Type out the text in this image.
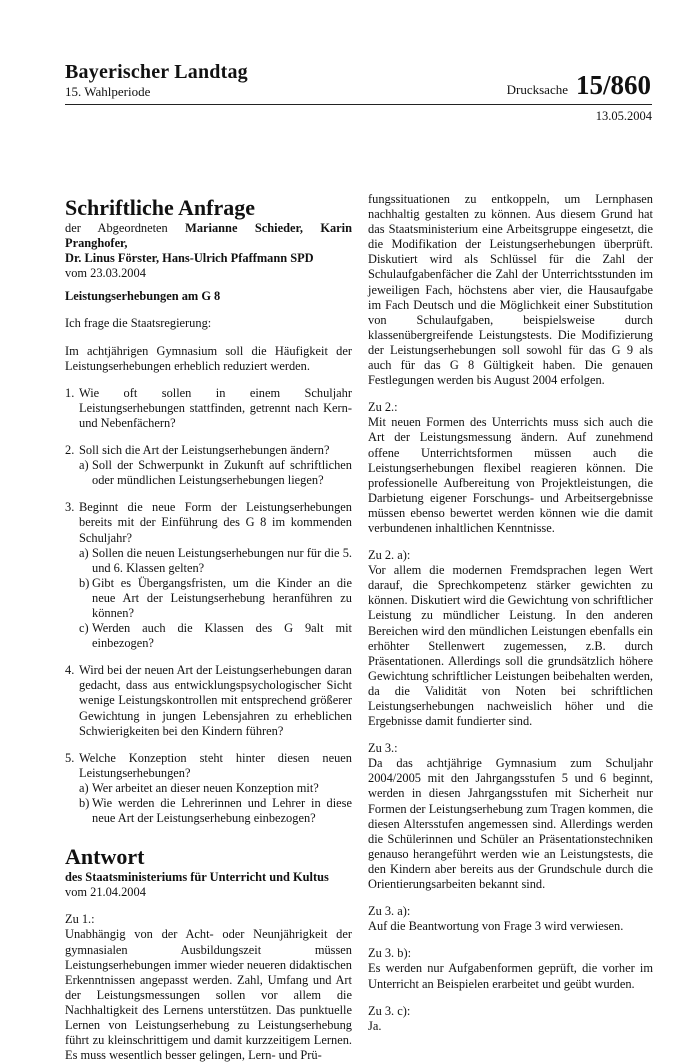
Bayerischer Landtag
15. Wahlperiode	Drucksache 15/860
13.05.2004
Schriftliche Anfrage

der Abgeordneten Marianne Schieder, Karin Pranghofer,
Dr. Linus Förster, Hans-Ulrich Pfaffmann SPD

vom 23.03.2004

Leistungserhebungen am G 8

Ich frage die Staatsregierung:

Im achtjährigen Gymnasium soll die Häufigkeit der Leistungserhebungen erheblich reduziert werden.

1. Wie oft sollen in einem Schuljahr Leistungserhebungen stattfinden, getrennt nach Kern- und Nebenfächern?
2. Soll sich die Art der Leistungserhebungen ändern?
a) Soll der Schwerpunkt in Zukunft auf schriftlichen oder mündlichen Leistungserhebungen liegen?
3. Beginnt die neue Form der Leistungserhebungen bereits mit der Einführung des G 8 im kommenden Schuljahr?
a) Sollen die neuen Leistungserhebungen nur für die 5. und 6. Klassen gelten?
b) Gibt es Übergangsfristen, um die Kinder an die neue Art der Leistungserhebung heranführen zu können?
c) Werden auch die Klassen des G 9alt mit einbezogen?
4. Wird bei der neuen Art der Leistungserhebungen daran gedacht, dass aus entwicklungspsychologischer Sicht wenige Leistungskontrollen mit entsprechend größerer Gewichtung in jungen Lebensjahren zu erheblichen Schwierigkeiten bei den Kindern führen?
5. Welche Konzeption steht hinter diesen neuen Leistungserhebungen?
a) Wer arbeitet an dieser neuen Konzeption mit?
b) Wie werden die Lehrerinnen und Lehrer in diese neue Art der Leistungserhebung einbezogen?
Antwort

des Staatsministeriums für Unterricht und Kultus

vom 21.04.2004

Zu 1.:

Unabhängig von der Acht- oder Neunjährigkeit der gymnasialen Ausbildungszeit müssen Leistungserhebungen immer wieder neueren didaktischen Erkenntnissen angepasst werden. Zahl, Umfang und Art der Leistungsmessungen sollen vor allem die Nachhaltigkeit des Lernens unterstützen. Das punktuelle Lernen von Leistungserhebung zu Leistungserhebung führt zu kleinschrittigem und damit kurzzeitigem Lernen. Es muss wesentlich besser gelingen, Lern- und Prü-

fungssituationen zu entkoppeln, um Lernphasen nachhaltig gestalten zu können. Aus diesem Grund hat das Staatsministerium eine Arbeitsgruppe eingesetzt, die die Modifikation der Leistungserhebungen überprüft. Diskutiert wird als Schlüssel für die Zahl der Schulaufgabenfächer die Zahl der Unterrichtsstunden im jeweiligen Fach, höchstens aber vier, die Hausaufgabe im Fach Deutsch und die Möglichkeit einer Substitution von Schulaufgaben, beispielsweise durch klassenübergreifende Leistungstests. Die Modifizierung der Leistungserhebungen soll sowohl für das G 9 als auch für das G 8 Gültigkeit haben. Die genauen Festlegungen werden bis August 2004 erfolgen.

Zu 2.:

Mit neuen Formen des Unterrichts muss sich auch die Art der Leistungsmessung ändern. Auf zunehmend offene Unterrichtsformen müssen auch die Leistungserhebungen flexibel reagieren können. Die professionelle Aufbereitung von Projektleistungen, die Darbietung eigener Forschungs- und Arbeitsergebnisse müssen ebenso bewertet werden können wie die damit verbundenen inhaltlichen Kenntnisse.

Zu 2. a):

Vor allem die modernen Fremdsprachen legen Wert darauf, die Sprechkompetenz stärker gewichten zu können. Diskutiert wird die Gewichtung von schriftlicher Leistung zu mündlicher Leistung. In den anderen Bereichen wird den mündlichen Leistungen ebenfalls ein erhöhter Stellenwert zugemessen, z.B. durch Präsentationen. Allerdings soll die grundsätzlich höhere Gewichtung schriftlicher Leistungen beibehalten werden, da die Validität von Noten bei schriftlichen Leistungserhebungen nachweislich höher und die Ergebnisse damit fundierter sind.

Zu 3.:

Da das achtjährige Gymnasium zum Schuljahr 2004/2005 mit den Jahrgangsstufen 5 und 6 beginnt, werden in diesen Jahrgangsstufen mit Sicherheit nur Formen der Leistungserhebung zum Tragen kommen, die diesen Altersstufen angemessen sind. Allerdings werden die Schülerinnen und Schüler an Präsentationstechniken genauso herangeführt werden wie an Leistungstests, die den Kindern aber bereits aus der Grundschule durch die Orientierungsarbeiten bekannt sind.

Zu 3. a):

Auf die Beantwortung von Frage 3 wird verwiesen.

Zu 3. b):

Es werden nur Aufgabenformen geprüft, die vorher im Unterricht an Beispielen erarbeitet und geübt wurden.

Zu 3. c):

Ja.
